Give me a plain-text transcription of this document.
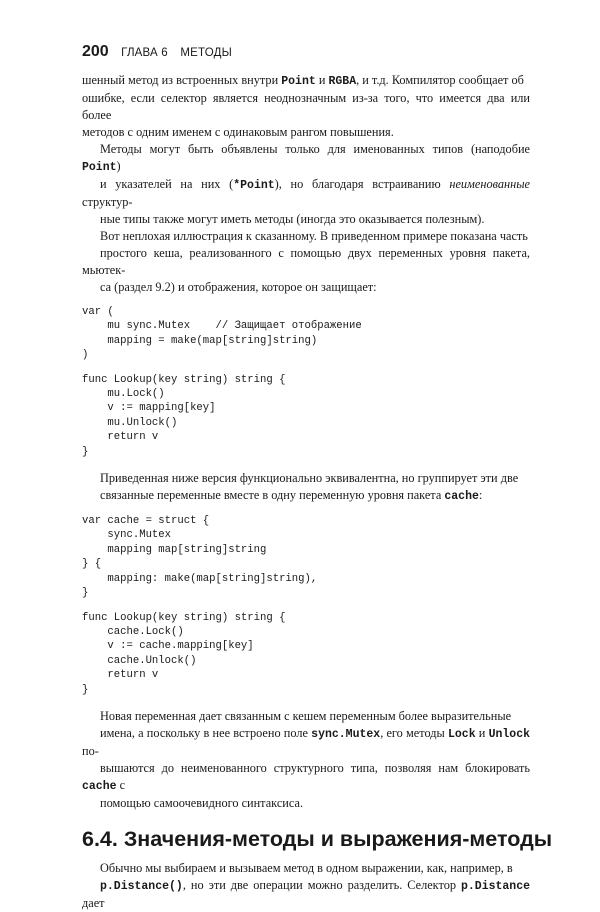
200 ГЛАВА 6 МЕТОДЫ

шенный метод из встроенных внутри Point и RGBA, и т.д. Компилятор сообщает об
ошибке, если селектор является неоднозначным из-за того, что имеется два или более
методов с одним именем с одинаковым рангом повышения.

Методы могут быть объявлены только для именованных типов (наподобие Point)
и указателей на них (*Point), но благодаря встраиванию неименованные структур-
ные типы также могут иметь методы (иногда это оказывается полезным).

Вот неплохая иллюстрация к сказанному. В приведенном примере показана часть
простого кеша, реализованного с помощью двух переменных уровня пакета, мьютек-
са (раздел 9.2) и отображения, которое он защищает:

var (
mu sync.Mutex    // Защищает отображение
mapping = make(map[string]string)
)
func Lookup(key string) string {
mu.Lock()
v := mapping[key]
mu.Unlock()
return v
}

Приведенная ниже версия функционально эквивалентна, но группирует эти две
связанные переменные вместе в одну переменную уровня пакета cache:

var cache = struct {
sync.Mutex
mapping map[string]string
} {
mapping: make(map[string]string),
}
func Lookup(key string) string {
cache.Lock()
v := cache.mapping[key]
cache.Unlock()
return v
}

Новая переменная дает связанным с кешем переменным более выразительные
имена, а поскольку в нее встроено поле sync.Mutex, его методы Lock и Unlock по-
вышаются до неименованного структурного типа, позволяя нам блокировать cache с
помощью самоочевидного синтаксиса.

6.4. Значения-методы и выражения-методы

Обычно мы выбираем и вызываем метод в одном выражении, как, например, в
p.Distance(), но эти две операции можно разделить. Селектор p.Distance дает
